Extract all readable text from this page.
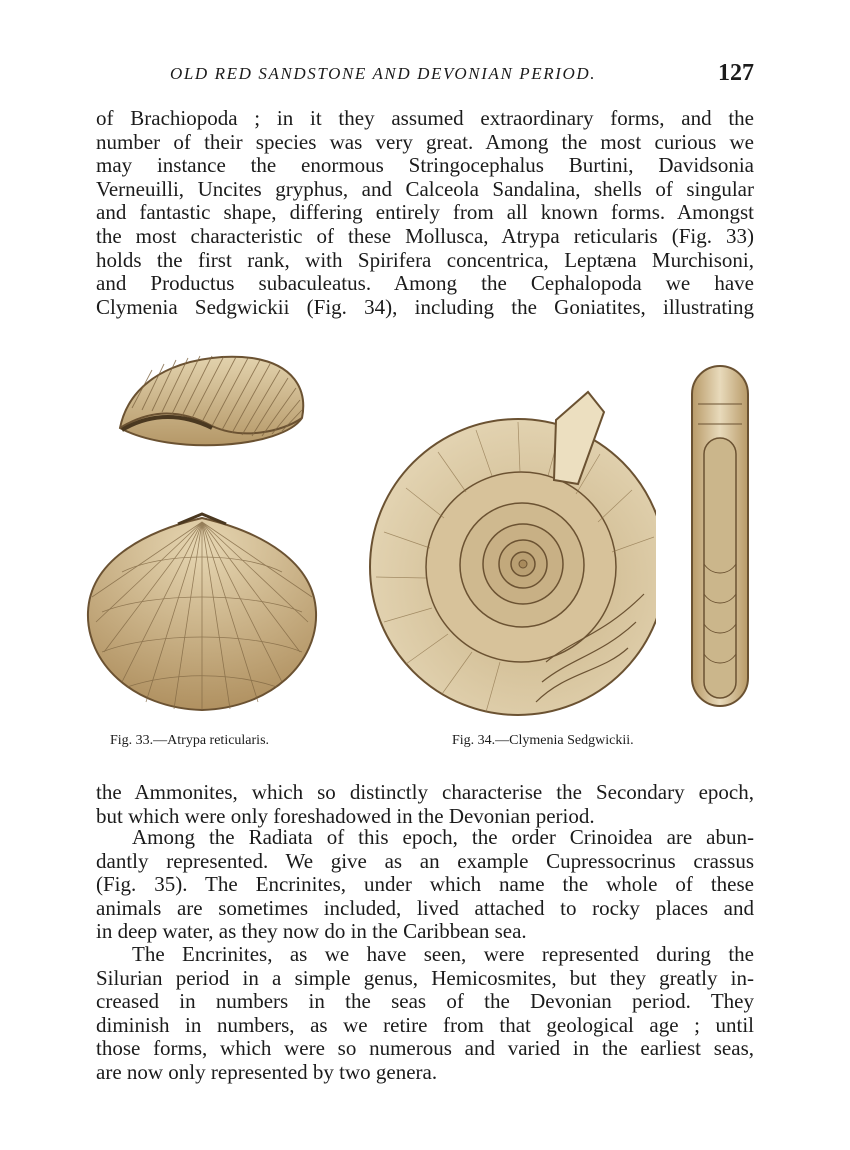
OLD RED SANDSTONE AND DEVONIAN PERIOD.	127
of Brachiopoda ; in it they assumed extraordinary forms, and the
number of their species was very great. Among the most curious we
may instance the enormous Stringocephalus Burtini, Davidsonia
Verneuilli, Uncites gryphus, and Calceola Sandalina, shells of singular
and fantastic shape, differing entirely from all known forms. Amongst
the most characteristic of these Mollusca, Atrypa reticularis (Fig. 33)
holds the first rank, with Spirifera concentrica, Leptæna Murchisoni,
and Productus subaculeatus. Among the Cephalopoda we have
Clymenia Sedgwickii (Fig. 34), including the Goniatites, illustrating
Fig. 33.—Atrypa reticularis.	Fig. 34.—Clymenia Sedgwickii.
the Ammonites, which so distinctly characterise the Secondary epoch,
but which were only foreshadowed in the Devonian period.
Among the Radiata of this epoch, the order Crinoidea are abun-
dantly represented. We give as an example Cupressocrinus crassus
(Fig. 35). The Encrinites, under which name the whole of these
animals are sometimes included, lived attached to rocky places and
in deep water, as they now do in the Caribbean sea.
The Encrinites, as we have seen, were represented during the
Silurian period in a simple genus, Hemicosmites, but they greatly in-
creased in numbers in the seas of the Devonian period. They
diminish in numbers, as we retire from that geological age ; until
those forms, which were so numerous and varied in the earliest seas,
are now only represented by two genera.
